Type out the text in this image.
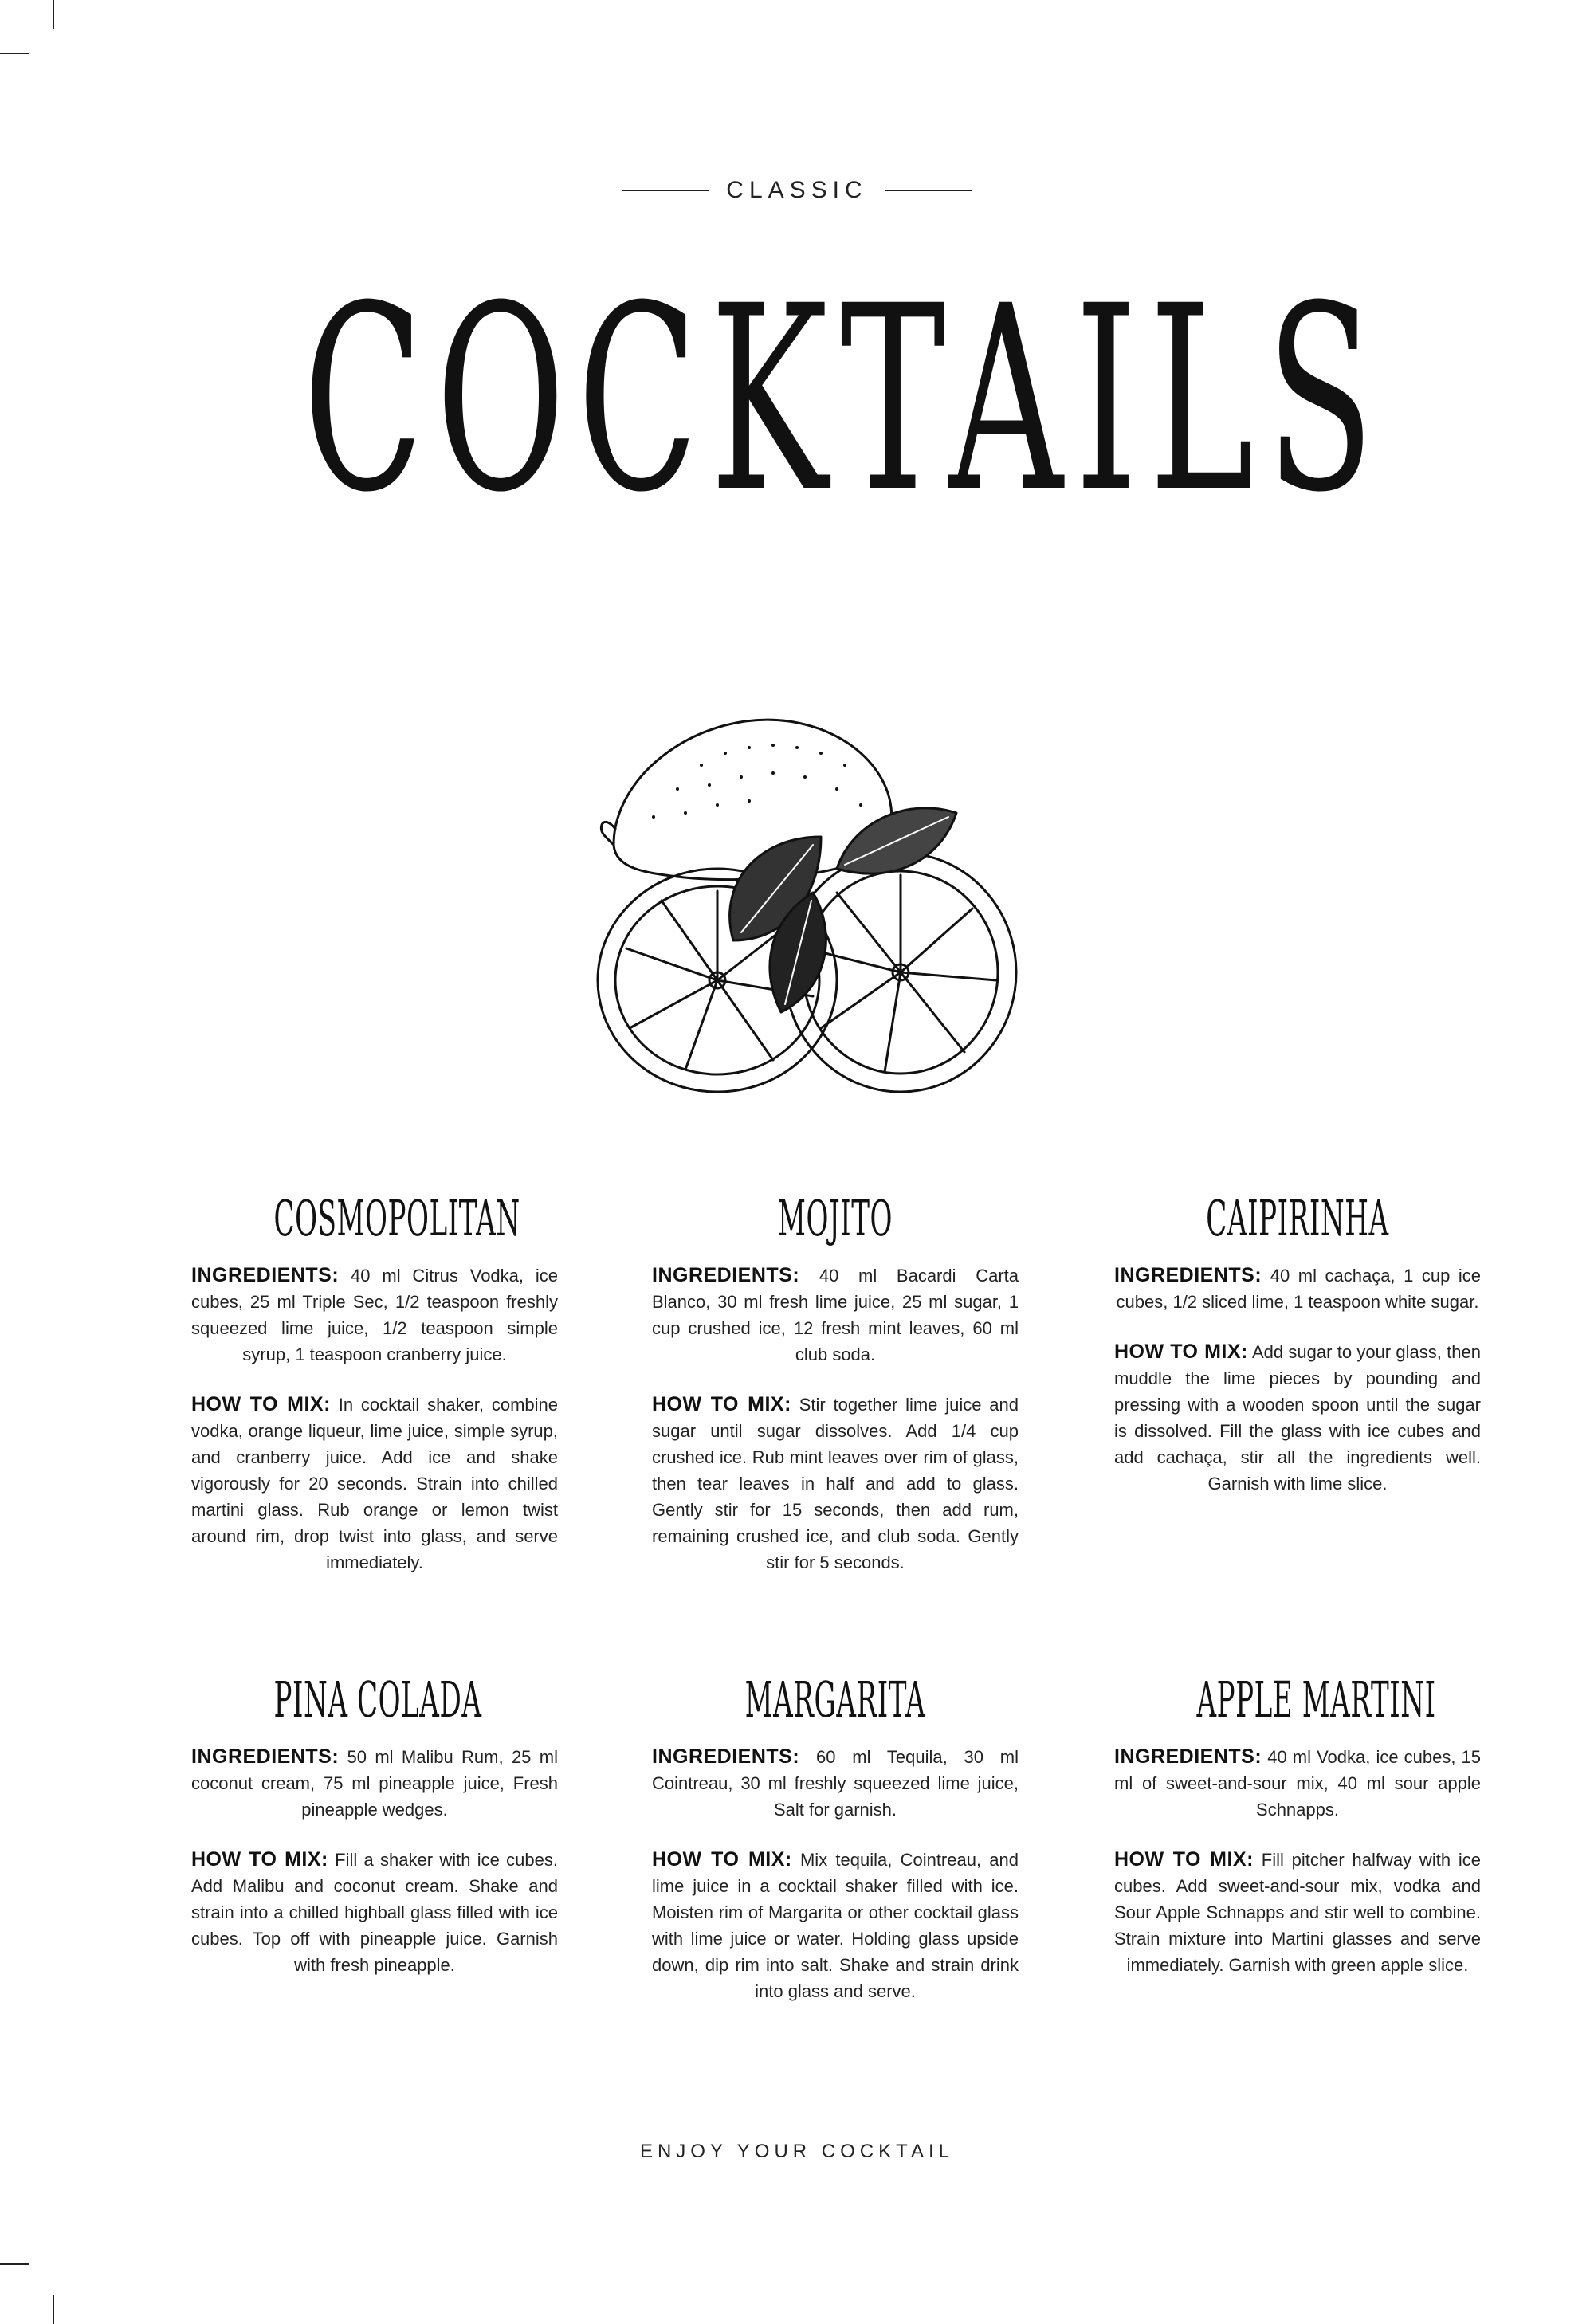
CLASSIC
COCKTAILS
COSMOPOLITAN

INGREDIENTS: 40 ml Citrus Vodka, ice cubes, 25 ml Triple Sec, 1/2 teaspoon freshly squeezed lime juice, 1/2 teaspoon simple syrup, 1 teaspoon cranberry juice.

HOW TO MIX: In cocktail shaker, combine vodka, orange liqueur, lime juice, simple syrup, and cranberry juice. Add ice and shake vigorously for 20 seconds. Strain into chilled martini glass. Rub orange or lemon twist around rim, drop twist into glass, and serve immediately.

MOJITO

INGREDIENTS: 40 ml Bacardi Carta Blanco, 30 ml fresh lime juice, 25 ml sugar, 1 cup crushed ice, 12 fresh mint leaves, 60 ml club soda.

HOW TO MIX: Stir together lime juice and sugar until sugar dissolves. Add 1/4 cup crushed ice. Rub mint leaves over rim of glass, then tear leaves in half and add to glass. Gently stir for 15 seconds, then add rum, remaining crushed ice, and club soda. Gently stir for 5 seconds.

CAIPIRINHA

INGREDIENTS: 40 ml cachaça, 1 cup ice cubes, 1/2 sliced lime, 1 teaspoon white sugar.

HOW TO MIX: Add sugar to your glass, then muddle the lime pieces by pounding and pressing with a wooden spoon until the sugar is dissolved. Fill the glass with ice cubes and add cachaça, stir all the ingredients well. Garnish with lime slice.

PINA COLADA

INGREDIENTS: 50 ml Malibu Rum, 25 ml coconut cream, 75 ml pineapple juice, Fresh pineapple wedges.

HOW TO MIX: Fill a shaker with ice cubes. Add Malibu and coconut cream. Shake and strain into a chilled highball glass filled with ice cubes. Top off with pineapple juice. Garnish with fresh pineapple.

MARGARITA

INGREDIENTS: 60 ml Tequila, 30 ml Cointreau, 30 ml freshly squeezed lime juice, Salt for garnish.

HOW TO MIX: Mix tequila, Cointreau, and lime juice in a cocktail shaker filled with ice. Moisten rim of Margarita or other cocktail glass with lime juice or water. Holding glass upside down, dip rim into salt. Shake and strain drink into glass and serve.

APPLE MARTINI

INGREDIENTS: 40 ml Vodka, ice cubes, 15 ml of sweet-and-sour mix, 40 ml sour apple Schnapps.

HOW TO MIX: Fill pitcher halfway with ice cubes. Add sweet-and-sour mix, vodka and Sour Apple Schnapps and stir well to combine. Strain mixture into Martini glasses and serve immediately. Garnish with green apple slice.

ENJOY YOUR COCKTAIL
